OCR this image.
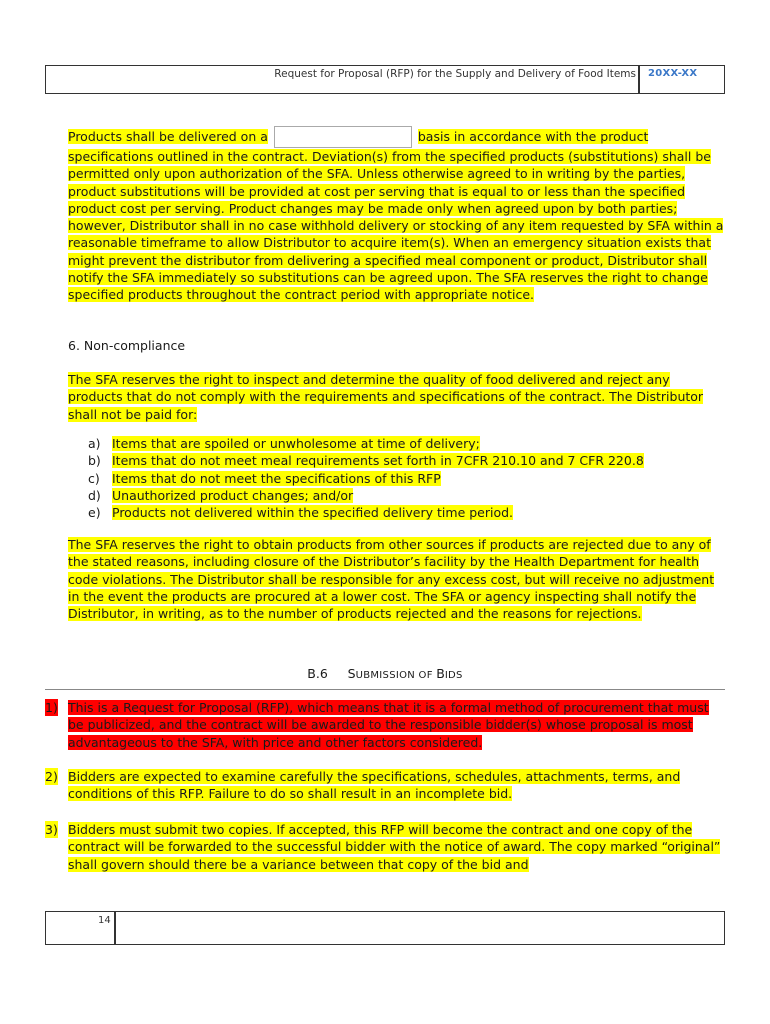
Request for Proposal (RFP) for the Supply and Delivery of Food Items 20XX-XX
Products shall be delivered on a	basis in accordance with the product
specifications outlined in the contract. Deviation(s) from the specified products (substitutions) shall be permitted only upon authorization of the SFA. Unless otherwise agreed to in writing by the parties, product substitutions will be provided at cost per serving that is equal to or less than the specified product cost per serving. Product changes may be made only when agreed upon by both parties; however, Distributor shall in no case withhold delivery or stocking of any item requested by SFA within a reasonable timeframe to allow Distributor to acquire item(s). When an emergency situation exists that might prevent the distributor from delivering a specified meal component or product, Distributor shall notify the SFA immediately so substitutions can be agreed upon. The SFA reserves the right to change specified products throughout the contract period with appropriate notice.
6. Non-compliance
The SFA reserves the right to inspect and determine the quality of food delivered and reject any products that do not comply with the requirements and specifications of the contract. The Distributor shall not be paid for:
a) Items that are spoiled or unwholesome at time of delivery;
b) Items that do not meet meal requirements set forth in 7CFR 210.10 and 7 CFR 220.8
c) Items that do not meet the specifications of this RFP
d) Unauthorized product changes; and/or
e) Products not delivered within the specified delivery time period.
The SFA reserves the right to obtain products from other sources if products are rejected due to any of the stated reasons, including closure of the Distributor’s facility by the Health Department for health code violations. The Distributor shall be responsible for any excess cost, but will receive no adjustment in the event the products are procured at a lower cost. The SFA or agency inspecting shall notify the Distributor, in writing, as to the number of products rejected and the reasons for rejections.
B.6 SUBMISSION OF BIDS
1) This is a Request for Proposal (RFP), which means that it is a formal method of procurement that must be publicized, and the contract will be awarded to the responsible bidder(s) whose proposal is most advantageous to the SFA, with price and other factors considered.
2) Bidders are expected to examine carefully the specifications, schedules, attachments, terms, and conditions of this RFP. Failure to do so shall result in an incomplete bid.
3) Bidders must submit two copies. If accepted, this RFP will become the contract and one copy of the contract will be forwarded to the successful bidder with the notice of award. The copy marked “original” shall govern should there be a variance between that copy of the bid and
14
